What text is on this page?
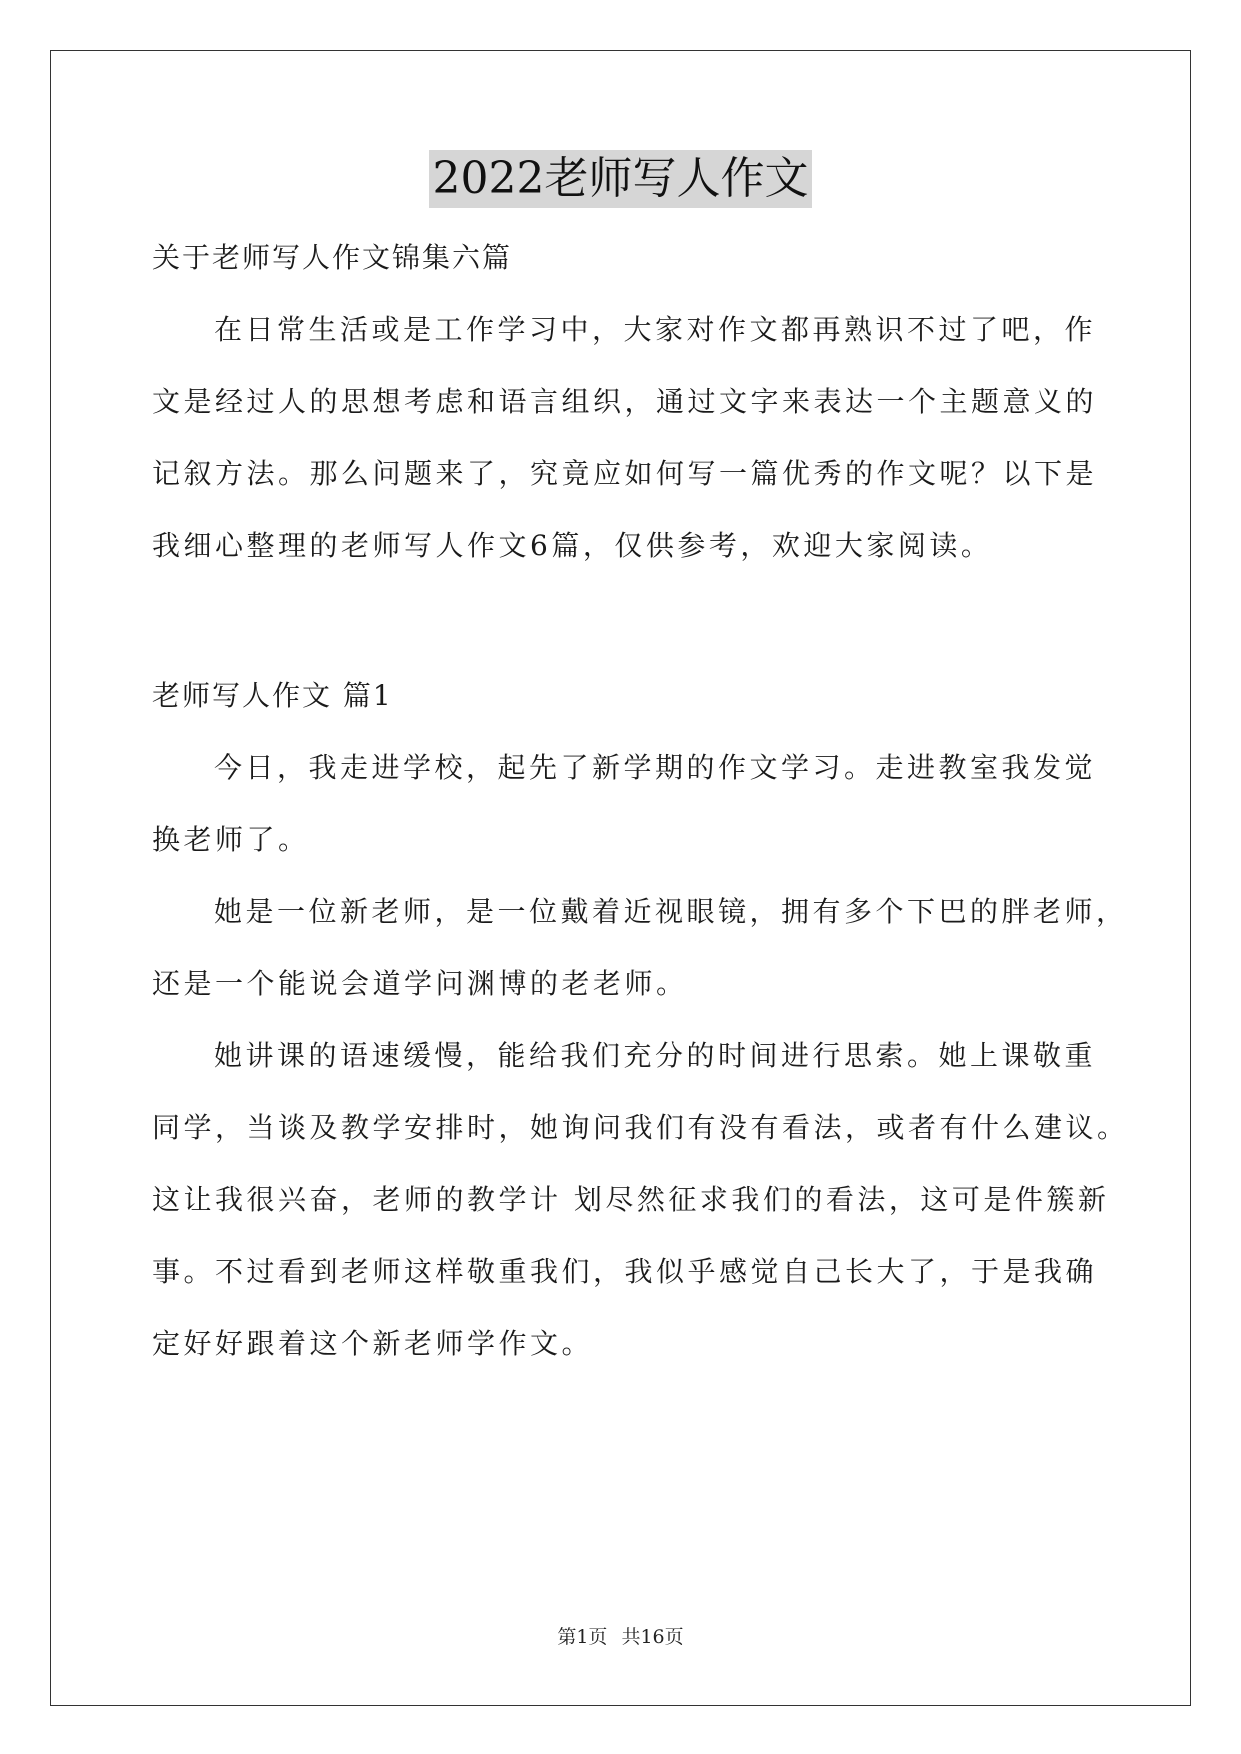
2022老师写人作文
关于老师写人作文锦集六篇
在日常生活或是工作学习中，大家对作文都再熟识不过了吧，作
文是经过人的思想考虑和语言组织，通过文字来表达一个主题意义的
记叙方法。那么问题来了，究竟应如何写一篇优秀的作文呢？以下是
我细心整理的老师写人作文6篇，仅供参考，欢迎大家阅读。
老师写人作文 篇1
今日，我走进学校，起先了新学期的作文学习。走进教室我发觉
换老师了。
她是一位新老师，是一位戴着近视眼镜，拥有多个下巴的胖老师，
还是一个能说会道学问渊博的老老师。
她讲课的语速缓慢，能给我们充分的时间进行思索。她上课敬重
同学，当谈及教学安排时，她询问我们有没有看法，或者有什么建议。
这让我很兴奋，老师的教学计 划尽然征求我们的看法，这可是件簇新
事。不过看到老师这样敬重我们，我似乎感觉自己长大了，于是我确
定好好跟着这个新老师学作文。
第1页 共16页
